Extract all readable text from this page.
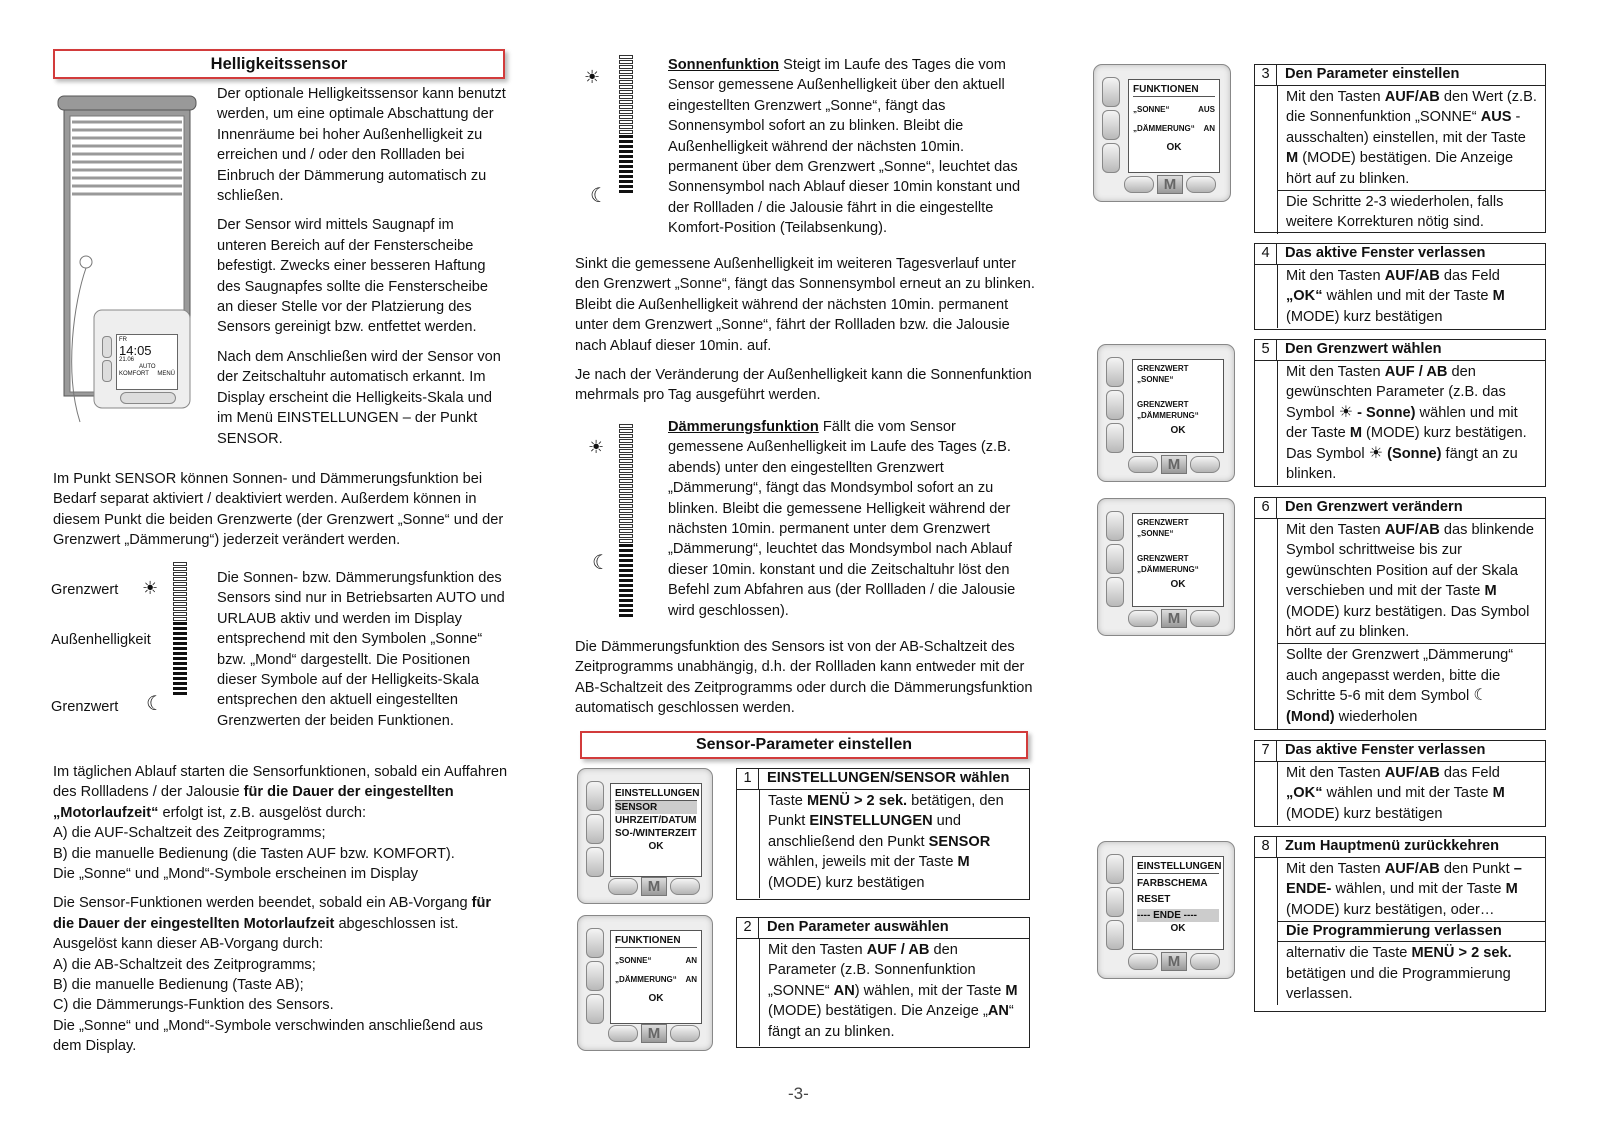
Helligkeitssensor
FR
14:05
21.06
AUTO
KOMFORT MENÜ

Der optionale Helligkeitssensor kann benutzt werden, um eine optimale Abschattung der Innenräume bei hoher Außenhelligkeit zu erreichen und / oder den Rollladen bei Einbruch der Dämmerung automatisch zu schließen.

Der Sensor wird mittels Saugnapf im unteren Bereich auf der Fensterscheibe befestigt. Zwecks einer besseren Haftung des Saugnapfes sollte die Fensterscheibe an dieser Stelle vor der Platzierung des Sensors gereinigt bzw. entfettet werden.

Nach dem Anschließen wird der Sensor von der Zeitschaltuhr automatisch erkannt. Im Display erscheint die Helligkeits-Skala und im Menü EINSTELLUNGEN – der Punkt SENSOR.

Im Punkt SENSOR können Sonnen- und Dämmerungsfunktion bei Bedarf separat aktiviert / deaktiviert werden. Außerdem können in diesem Punkt die beiden Grenzwerte (der Grenzwert „Sonne“ und der Grenzwert „Dämmerung“) jederzeit verändert werden.

Grenzwert
Außenhelligkeit
Grenzwert
☀
☾

Die Sonnen- bzw. Dämmerungsfunktion des Sensors sind nur in Betriebsarten AUTO und URLAUB aktiv und werden im Display entsprechend mit den Symbolen „Sonne“ bzw. „Mond“ dargestellt. Die Positionen dieser Symbole auf der Helligkeits-Skala entsprechen den aktuell eingestellten Grenzwerten der beiden Funktionen.

Im täglichen Ablauf starten die Sensorfunktionen, sobald ein Auffahren des Rollladens / der Jalousie für die Dauer der eingestellten „Motorlaufzeit“ erfolgt ist, z.B. ausgelöst durch:

A) die AUF-Schaltzeit des Zeitprogramms;

B) die manuelle Bedienung (die Tasten AUF bzw. KOMFORT).

Die „Sonne“ und „Mond“-Symbole erscheinen im Display

Die Sensor-Funktionen werden beendet, sobald ein AB-Vorgang für die Dauer der eingestellten Motorlaufzeit abgeschlossen ist. Ausgelöst kann dieser AB-Vorgang durch:

A) die AB-Schaltzeit des Zeitprogramms;

B) die manuelle Bedienung (Taste AB);

C) die Dämmerungs-Funktion des Sensors.

Die „Sonne“ und „Mond“-Symbole verschwinden anschließend aus dem Display.

☀
☾

Sonnenfunktion Steigt im Laufe des Tages die vom Sensor gemessene Außenhelligkeit über den aktuell eingestellten Grenzwert „Sonne“, fängt das Sonnensymbol sofort an zu blinken. Bleibt die Außenhelligkeit während der nächsten 10min. permanent über dem Grenzwert „Sonne“, leuchtet das Sonnensymbol nach Ablauf dieser 10min konstant und der Rollladen / die Jalousie fährt in die eingestellte Komfort-Position (Teilabsenkung).

Sinkt die gemessene Außenhelligkeit im weiteren Tagesverlauf unter den Grenzwert „Sonne“, fängt das Sonnensymbol erneut an zu blinken. Bleibt die Außenhelligkeit während der nächsten 10min. permanent unter dem Grenzwert „Sonne“, fährt der Rollladen bzw. die Jalousie nach Ablauf dieser 10min. auf.

Je nach der Veränderung der Außenhelligkeit kann die Sonnenfunktion mehrmals pro Tag ausgeführt werden.

☀
☾

Dämmerungsfunktion Fällt die vom Sensor gemessene Außenhelligkeit im Laufe des Tages (z.B. abends) unter den eingestellten Grenzwert „Dämmerung“, fängt das Mondsymbol sofort an zu blinken. Bleibt die gemessene Helligkeit während der nächsten 10min. permanent unter dem Grenzwert „Dämmerung“, leuchtet das Mondsymbol nach Ablauf dieser 10min. konstant und die Zeitschaltuhr löst den Befehl zum Abfahren aus (der Rollladen / die Jalousie wird geschlossen).

Die Dämmerungsfunktion des Sensors ist von der AB-Schaltzeit des Zeitprogramms unabhängig, d.h. der Rollladen kann entweder mit der AB-Schaltzeit des Zeitprogramms oder durch die Dämmerungsfunktion automatisch geschlossen werden.

Sensor-Parameter einstellen
EINSTELLUNGEN
SENSOR
UHRZEIT/DATUM
SO-/WINTERZEIT
OK
M
FUNKTIONEN
„SONNE“	AN
„DÄMMERUNG“ AN
OK
M
1	EINSTELLUNGEN/SENSOR wählen
Taste MENÜ > 2 sek. betätigen, den Punkt EINSTELLUNGEN und anschließend den Punkt SENSOR wählen, jeweils mit der Taste M (MODE) kurz bestätigen
2	Den Parameter auswählen
Mit den Tasten AUF / AB den Parameter (z.B. Sonnenfunktion „SONNE“ AN) wählen, mit der Taste M (MODE) bestätigen. Die Anzeige „AN“ fängt an zu blinken.
-3-
FUNKTIONEN
„SONNE“	AUS
„DÄMMERUNG“ AN
OK
M
GRENZWERT
„SONNE“
GRENZWERT
„DÄMMERUNG“
OK
M
GRENZWERT
„SONNE“
GRENZWERT
„DÄMMERUNG“
OK
M
EINSTELLUNGEN
FARBSCHEMA
RESET
---- ENDE ----
OK
M
3	Den Parameter einstellen
Mit den Tasten AUF/AB den Wert (z.B. die Sonnenfunktion „SONNE“ AUS - ausschalten) einstellen, mit der Taste M (MODE) bestätigen. Die Anzeige hört auf zu blinken.
Die Schritte 2-3 wiederholen, falls weitere Korrekturen nötig sind.
4	Das aktive Fenster verlassen
Mit den Tasten AUF/AB das Feld „OK“ wählen und mit der Taste M (MODE) kurz bestätigen
5	Den Grenzwert wählen
Mit den Tasten AUF / AB den gewünschten Parameter (z.B. das Symbol ☀ - Sonne) wählen und mit der Taste M (MODE) kurz bestätigen. Das Symbol ☀ (Sonne) fängt an zu blinken.
6	Den Grenzwert verändern
Mit den Tasten AUF/AB das blinkende Symbol schrittweise bis zur gewünschten Position auf der Skala verschieben und mit der Taste M (MODE) kurz bestätigen. Das Symbol hört auf zu blinken.
Sollte der Grenzwert „Dämmerung“ auch angepasst werden, bitte die Schritte 5-6 mit dem Symbol ☾ (Mond) wiederholen
7	Das aktive Fenster verlassen
Mit den Tasten AUF/AB das Feld „OK“ wählen und mit der Taste M (MODE) kurz bestätigen
8	Zum Hauptmenü zurückkehren
Mit den Tasten AUF/AB den Punkt –ENDE- wählen, und mit der Taste M (MODE) kurz bestätigen, oder…
Die Programmierung verlassen
alternativ die Taste MENÜ > 2 sek. betätigen und die Programmierung verlassen.
